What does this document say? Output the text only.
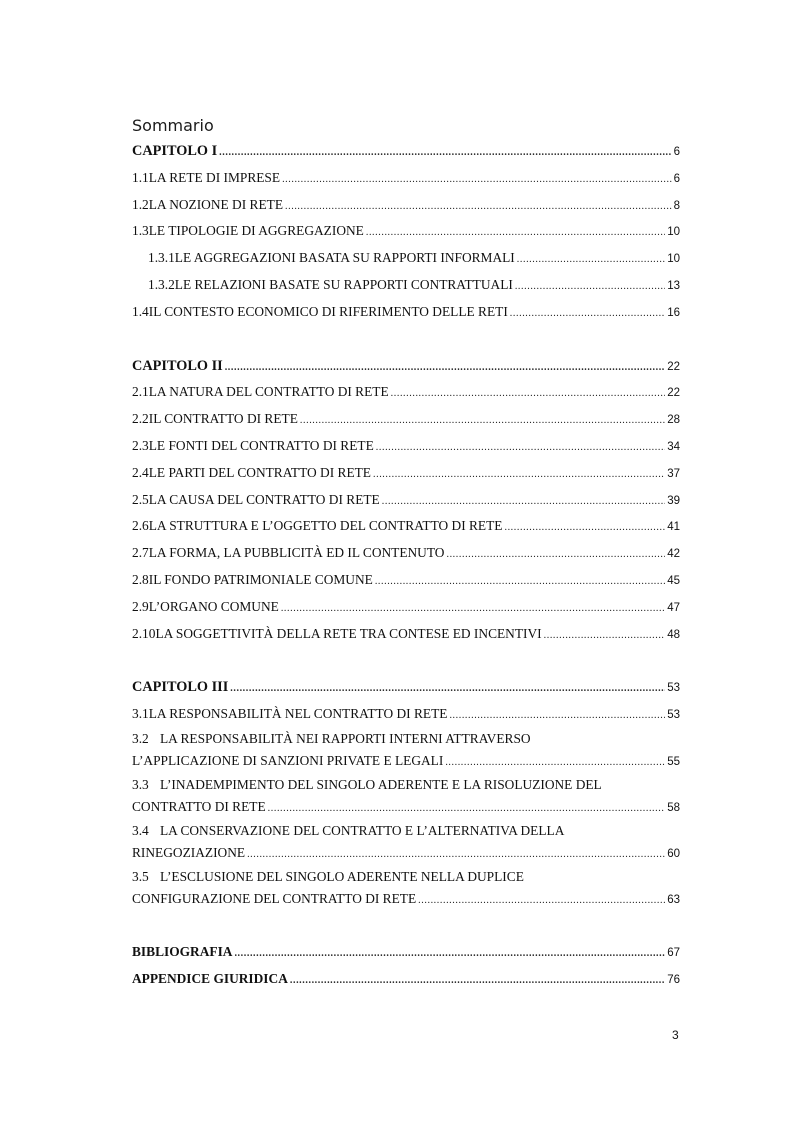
Sommario
CAPITOLO I .....	6
1.1 LA RETE DI IMPRESE .....	6
1.2 LA NOZIONE DI RETE .....	8
1.3 LE TIPOLOGIE DI AGGREGAZIONE .....	10
1.3.1 LE AGGREGAZIONI BASATA SU RAPPORTI INFORMALI .....	10
1.3.2 LE RELAZIONI BASATE SU RAPPORTI CONTRATTUALI .....	13
1.4 IL CONTESTO ECONOMICO DI RIFERIMENTO DELLE RETI .....	16
CAPITOLO II .....	22
2.1 LA NATURA DEL CONTRATTO DI RETE .....	22
2.2 IL CONTRATTO DI RETE .....	28
2.3 LE FONTI DEL CONTRATTO DI RETE .....	34
2.4 LE PARTI DEL CONTRATTO DI RETE .....	37
2.5 LA CAUSA DEL CONTRATTO DI RETE .....	39
2.6 LA STRUTTURA E L’OGGETTO DEL CONTRATTO DI RETE .....	41
2.7 LA FORMA, LA PUBBLICITÀ ED IL CONTENUTO .....	42
2.8 IL FONDO PATRIMONIALE COMUNE .....	45
2.9 L’ORGANO COMUNE .....	47
2.10 LA SOGGETTIVITÀ DELLA RETE TRA CONTESE ED INCENTIVI .....	48
CAPITOLO III .....	53
3.1 LA RESPONSABILITÀ NEL CONTRATTO DI RETE .....	53
3.2 LA RESPONSABILITÀ NEI RAPPORTI INTERNI ATTRAVERSO
L’APPLICAZIONE DI SANZIONI PRIVATE E LEGALI .....	55
3.3 L’INADEMPIMENTO DEL SINGOLO ADERENTE E LA RISOLUZIONE DEL
CONTRATTO DI RETE .....	58
3.4 LA CONSERVAZIONE DEL CONTRATTO E L’ALTERNATIVA DELLA
RINEGOZIAZIONE .....	60
3.5 L’ESCLUSIONE DEL SINGOLO ADERENTE NELLA DUPLICE
CONFIGURAZIONE DEL CONTRATTO DI RETE .....	63
BIBLIOGRAFIA .....	67
APPENDICE GIURIDICA .....	76
3
